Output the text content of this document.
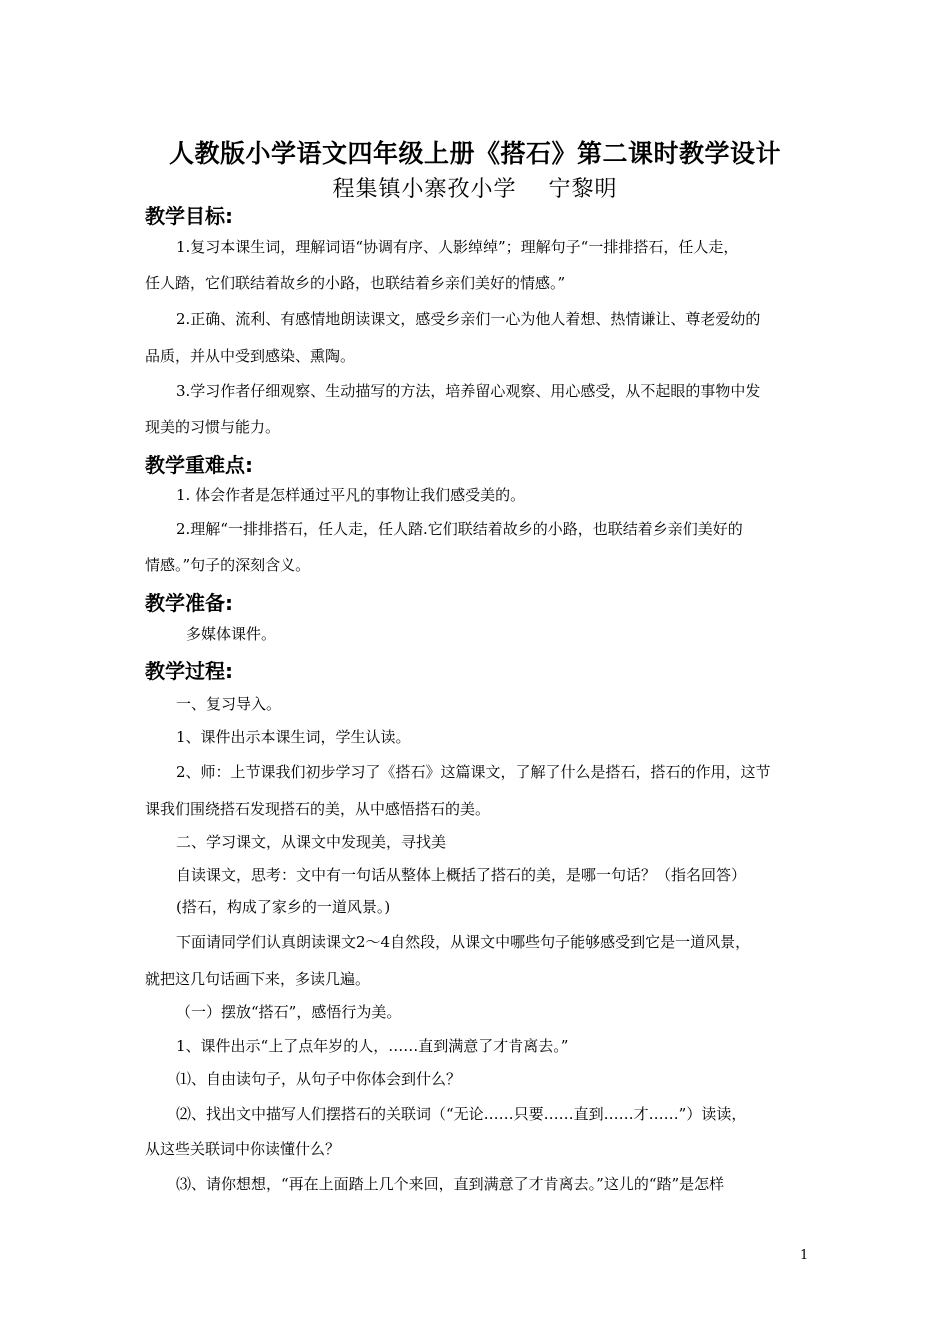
人教版小学语文四年级上册《搭石》第二课时教学设计
程集镇小寨孜小学    宁黎明
教学目标:
1.复习本课生词，理解词语“协调有序、人影绰绰”；理解句子“一排排搭石，任人走，
任人踏，它们联结着故乡的小路，也联结着乡亲们美好的情感。”
2.正确、流利、有感情地朗读课文，感受乡亲们一心为他人着想、热情谦让、尊老爱幼的
品质，并从中受到感染、熏陶。
3.学习作者仔细观察、生动描写的方法，培养留心观察、用心感受，从不起眼的事物中发
现美的习惯与能力。
教学重难点:
1. 体会作者是怎样通过平凡的事物让我们感受美的。
2.理解“一排排搭石，任人走，任人踏.它们联结着故乡的小路，也联结着乡亲们美好的
情感。”句子的深刻含义。
教学准备:
多媒体课件。
教学过程:
一、复习导入。
1、课件出示本课生词，学生认读。
2、师：上节课我们初步学习了《搭石》这篇课文，了解了什么是搭石，搭石的作用，这节
课我们围绕搭石发现搭石的美，从中感悟搭石的美。
二、学习课文，从课文中发现美，寻找美
自读课文，思考：文中有一句话从整体上概括了搭石的美，是哪一句话？（指名回答）
(搭石，构成了家乡的一道风景。)
下面请同学们认真朗读课文2～4自然段，从课文中哪些句子能够感受到它是一道风景，
就把这几句话画下来，多读几遍。
（一）摆放“搭石”，感悟行为美。
1、课件出示“上了点年岁的人，……直到满意了才肯离去。”
⑴、自由读句子，从句子中你体会到什么？
⑵、找出文中描写人们摆搭石的关联词（“无论……只要……直到……才……”）读读，
从这些关联词中你读懂什么？
⑶、请你想想，“再在上面踏上几个来回，直到满意了才肯离去。”这儿的“踏”是怎样
1
